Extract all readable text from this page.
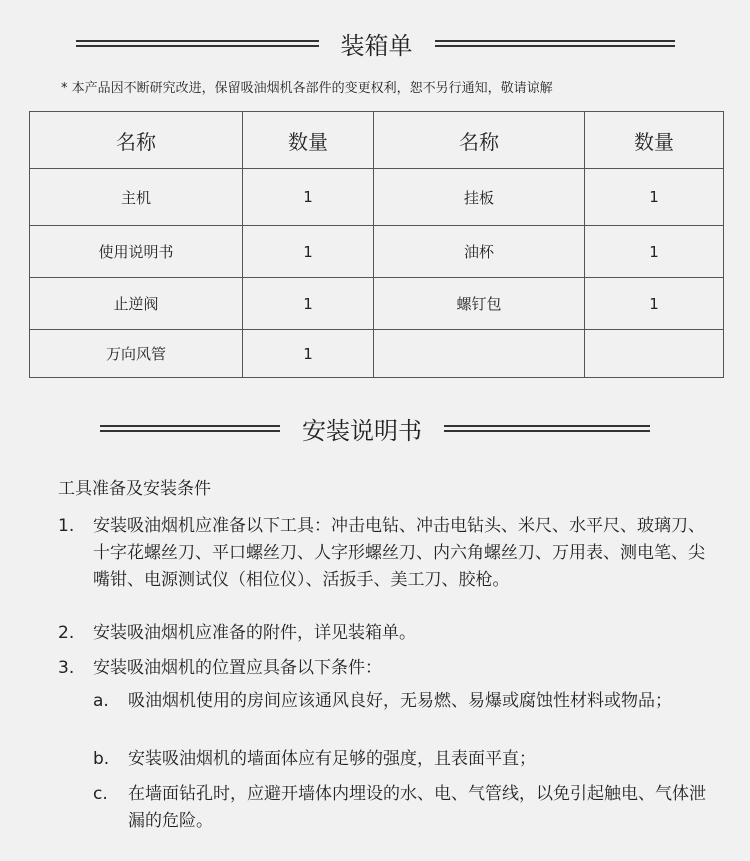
装箱单
* 本产品因不断研究改进，保留吸油烟机各部件的变更权利，恕不另行通知，敬请谅解
名称	数量	名称	数量
主机	1	挂板	1
使用说明书	1	油杯	1
止逆阀	1	螺钉包	1
万向风管	1		
安装说明书
工具准备及安装条件
1. 安装吸油烟机应准备以下工具：冲击电钻、冲击电钻头、米尺、水平尺、玻璃刀、十字花螺丝刀、平口螺丝刀、人字形螺丝刀、内六角螺丝刀、万用表、测电笔、尖嘴钳、电源测试仪（相位仪）、活扳手、美工刀、胶枪。
2. 安装吸油烟机应准备的附件，详见装箱单。
3. 安装吸油烟机的位置应具备以下条件：
a. 吸油烟机使用的房间应该通风良好，无易燃、易爆或腐蚀性材料或物品；
b. 安装吸油烟机的墙面体应有足够的强度，且表面平直；
c. 在墙面钻孔时，应避开墙体内埋设的水、电、气管线，以免引起触电、气体泄漏的危险。
